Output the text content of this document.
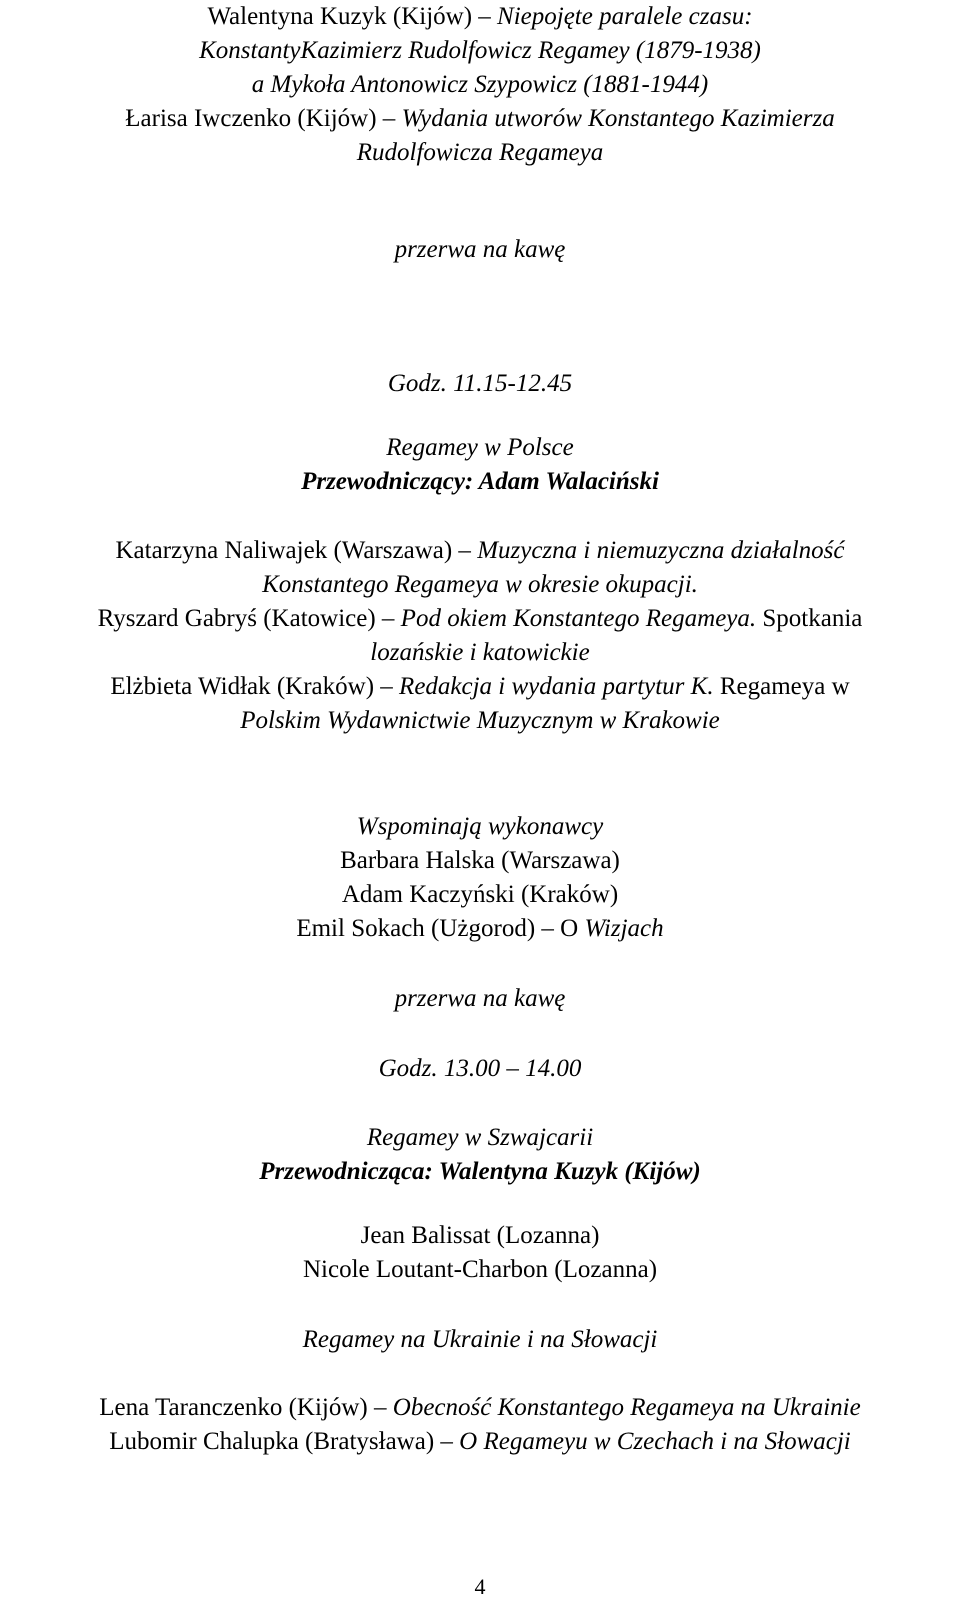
Walentyna Kuzyk (Kijów) – Niepojęte paralele czasu:
KonstantyKazimierz Rudolfowicz Regamey (1879-1938)
a Mykoła Antonowicz Szypowicz (1881-1944)
Łarisa Iwczenko (Kijów) – Wydania utworów Konstantego Kazimierza
Rudolfowicza Regameya
przerwa na kawę
Godz. 11.15-12.45
Regamey w Polsce
Przewodniczący: Adam Walaciński
Katarzyna Naliwajek (Warszawa) – Muzyczna i niemuzyczna działalność
Konstantego Regameya w okresie okupacji.
Ryszard Gabryś (Katowice) – Pod okiem Konstantego Regameya. Spotkania
lozańskie i katowickie
Elżbieta Widłak (Kraków) – Redakcja i wydania partytur K. Regameya w
Polskim Wydawnictwie Muzycznym w Krakowie
Wspominają wykonawcy
Barbara Halska (Warszawa)
Adam Kaczyński (Kraków)
Emil Sokach (Użgorod) – O Wizjach
przerwa na kawę
Godz. 13.00 – 14.00
Regamey w Szwajcarii
Przewodnicząca: Walentyna Kuzyk (Kijów)
Jean Balissat (Lozanna)
Nicole Loutant-Charbon (Lozanna)
Regamey na Ukrainie i na Słowacji
Lena Taranczenko (Kijów) – Obecność Konstantego Regameya na Ukrainie
Lubomir Chalupka (Bratysława) – O Regameyu w Czechach i na Słowacji
4
